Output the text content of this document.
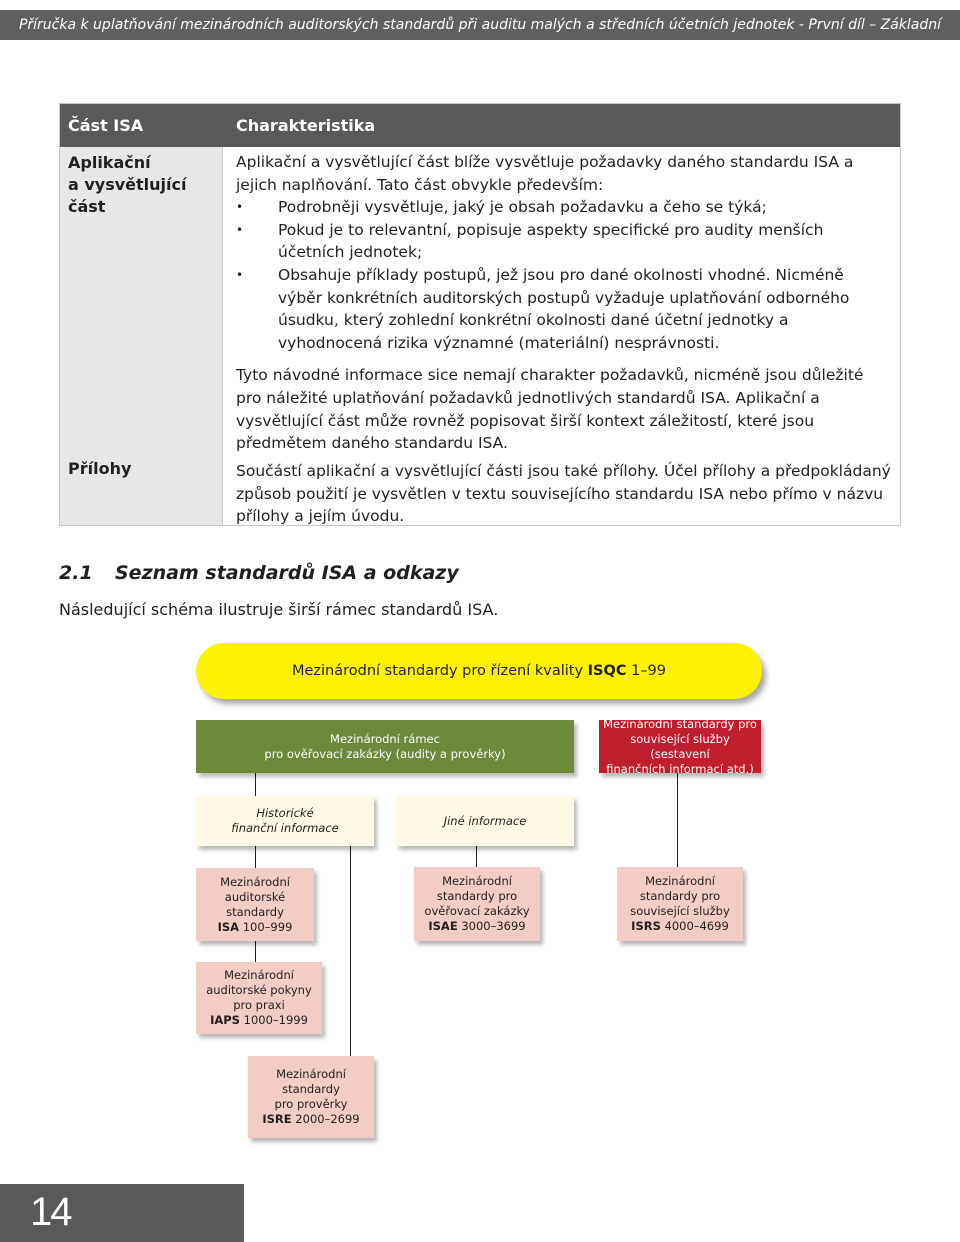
Příručka k uplatňování mezinárodních auditorských standardů při auditu malých a středních účetních jednotek - První díl – Základní koncepty
Část ISA	Charakteristika
Aplikační
a vysvětlující část
Přílohy

Aplikační a vysvětlující část blíže vysvětluje požadavky daného standardu ISA a jejich naplňování. Tato část obvykle především:

• Podrobněji vysvětluje, jaký je obsah požadavku a čeho se týká;
• Pokud je to relevantní, popisuje aspekty specifické pro audity menších účetních jednotek;
• Obsahuje příklady postupů, jež jsou pro dané okolnosti vhodné. Nicméně výběr konkrétních auditorských postupů vyžaduje uplatňování odborného úsudku, který zohlední konkrétní okolnosti dané účetní jednotky a vyhodnocená rizika významné (materiální) nesprávnosti.

Tyto návodné informace sice nemají charakter požadavků, nicméně jsou důležité pro náležité uplatňování požadavků jednotlivých standardů ISA. Aplikační a vysvětlující část může rovněž popisovat širší kontext záležitostí, které jsou předmětem daného standardu ISA.

Součástí aplikační a vysvětlující části jsou také přílohy. Účel přílohy a předpokládaný způsob použití je vysvětlen v textu souvisejícího standardu ISA nebo přímo v názvu přílohy a jejím úvodu.
2.1 Seznam standardů ISA a odkazy
Následující schéma ilustruje širší rámec standardů ISA.
Mezinárodní standardy pro řízení kvality ISQC 1–99
Mezinárodní rámec
pro ověřovací zakázky (audity a prověrky)
Mezinárodní standardy pro
související služby (sestavení
finančních informací atd.)
Historické
finanční informace
Jiné informace
Mezinárodní
auditorské
standardy
ISA 100–999
Mezinárodní
standardy pro
ověřovací zakázky
ISAE 3000–3699
Mezinárodní
standardy pro
související služby
ISRS 4000–4699
Mezinárodní
auditorské pokyny
pro praxi
IAPS 1000–1999
Mezinárodní
standardy
pro prověrky
ISRE 2000–2699
14
